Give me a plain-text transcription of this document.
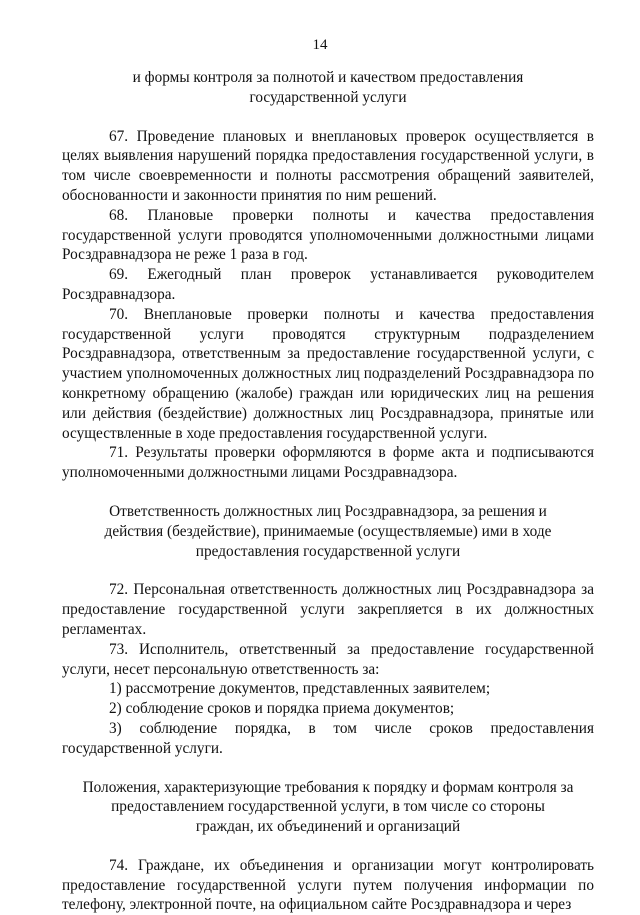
14

и формы контроля за полнотой и качеством предоставления государственной услуги

67. Проведение плановых и внеплановых проверок осуществляется в целях выявления нарушений порядка предоставления государственной услуги, в том числе своевременности и полноты рассмотрения обращений заявителей, обоснованности и законности принятия по ним решений.

68. Плановые проверки полноты и качества предоставления государственной услуги проводятся уполномоченными должностными лицами Росздравнадзора не реже 1 раза в год.

69. Ежегодный план проверок устанавливается руководителем Росздравнадзора.

70. Внеплановые проверки полноты и качества предоставления государственной услуги проводятся структурным подразделением Росздравнадзора, ответственным за предоставление государственной услуги, с участием уполномоченных должностных лиц подразделений Росздравнадзора по конкретному обращению (жалобе) граждан или юридических лиц на решения или действия (бездействие) должностных лиц Росздравнадзора, принятые или осуществленные в ходе предоставления государственной услуги.

71. Результаты проверки оформляются в форме акта и подписываются уполномоченными должностными лицами Росздравнадзора.

Ответственность должностных лиц Росздравнадзора, за решения и действия (бездействие), принимаемые (осуществляемые) ими в ходе предоставления государственной услуги

72. Персональная ответственность должностных лиц Росздравнадзора за предоставление государственной услуги закрепляется в их должностных регламентах.

73. Исполнитель, ответственный за предоставление государственной услуги, несет персональную ответственность за:

1) рассмотрение документов, представленных заявителем;

2) соблюдение сроков и порядка приема документов;

3) соблюдение порядка, в том числе сроков предоставления государственной услуги.

Положения, характеризующие требования к порядку и формам контроля за предоставлением государственной услуги, в том числе со стороны граждан, их объединений и организаций

74. Граждане, их объединения и организации могут контролировать предоставление государственной услуги путем получения информации по телефону, электронной почте, на официальном сайте Росздравнадзора и через
